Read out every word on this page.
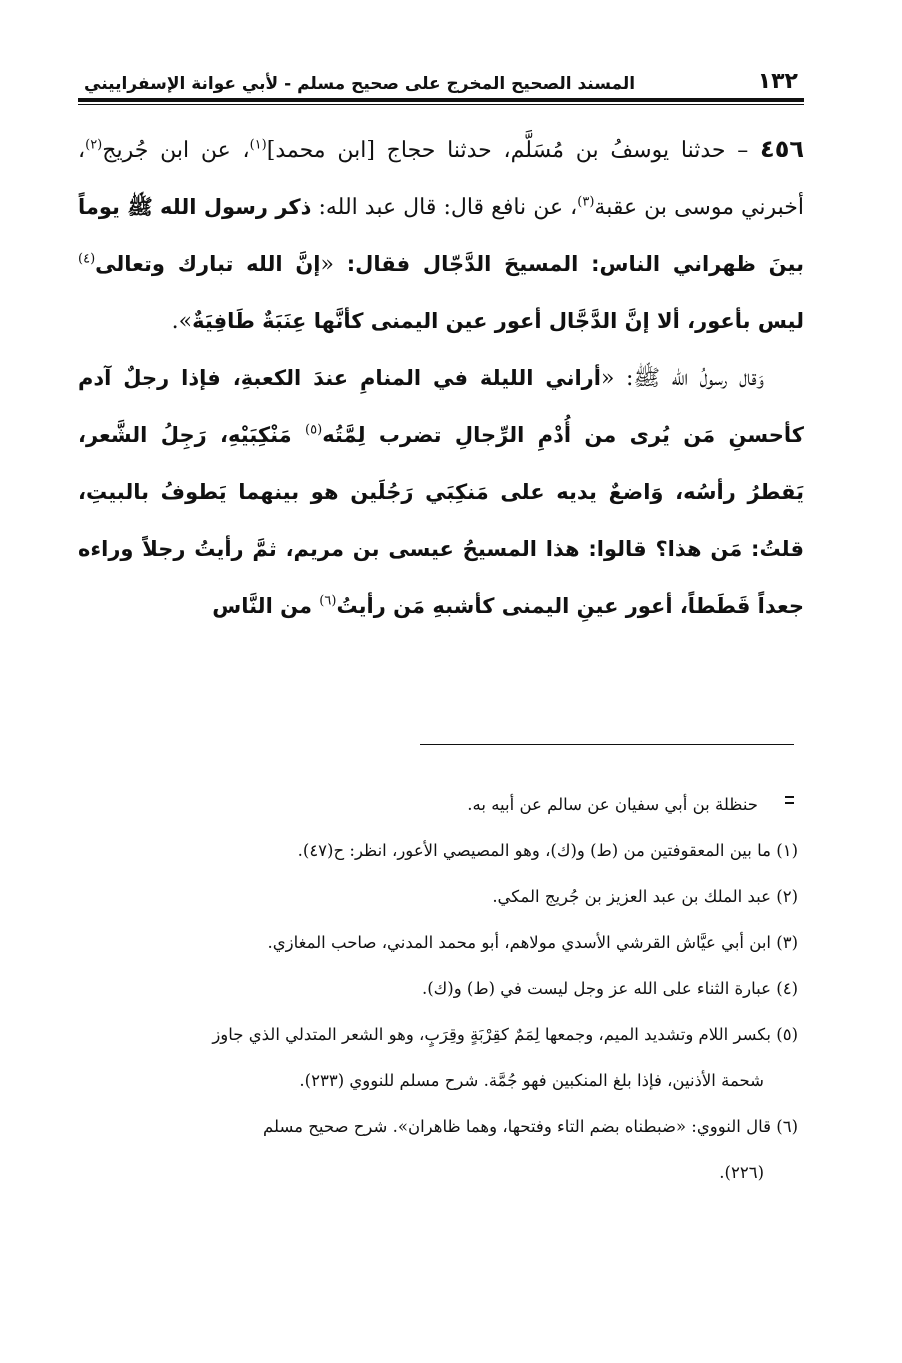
١٣٢
المسند الصحيح المخرج على صحيح مسلم - لأبي عوانة الإسفراييني

٤٥٦ – حدثنا يوسفُ بن مُسَلَّم، حدثنا حجاج [ابن محمد]$^{(١)}$، عن ابن جُريج$^{(٢)}$، أخبرني موسى بن عقبة$^{(٣)}$، عن نافع قال: قال عبد الله: ذكر رسول الله ﷺ يوماً بينَ ظهراني الناس: المسيحَ الدَّجّال فقال: «إنَّ الله تبارك وتعالى$^{(٤)}$ ليس بأعور، ألا إنَّ الدَّجَّال أعور عين اليمنى كأنَّها عِنَبَةٌ طَافِيَةٌ».

وَقال رسولُ الله ﷺ: «أراني الليلة في المنامِ عندَ الكعبةِ، فإذا رجلٌ آدم كأحسنِ مَن يُرى من أُدْمِ الرِّجالِ تضرب لِمَّتُه$^{(٥)}$ مَنْكِبَيْهِ، رَجِلُ الشَّعر، يَقطرُ رأسُه، وَاضعٌ يديه على مَنكِبَي رَجُلَين هو بينهما يَطوفُ بالبيتِ، قلتُ: مَن هذا؟ قالوا: هذا المسيحُ عيسى بن مريم، ثمَّ رأيتُ رجلاً وراءه جعداً قَطَطاً، أعور عينِ اليمنى كأشبهِ مَن رأيتُ$^{(٦)}$ من النَّاس

حنظلة بن أبي سفيان عن سالم عن أبيه به.

(١) ما بين المعقوفتين من (ط) و(ك)، وهو المصيصي الأعور، انظر: ح(٤٧).

(٢) عبد الملك بن عبد العزيز بن جُريج المكي.

(٣) ابن أبي عيَّاش القرشي الأسدي مولاهم، أبو محمد المدني، صاحب المغازي.

(٤) عبارة الثناء على الله عز وجل ليست في (ط) و(ك).

(٥) بكسر اللام وتشديد الميم، وجمعها لِمَمٌ كقِرْبَةٍ وقِرَبٍ، وهو الشعر المتدلي الذي جاوز

شحمة الأذنين، فإذا بلغ المنكبين فهو جُمَّة. شرح مسلم للنووي (٢٣٣).

(٦) قال النووي: «ضبطناه بضم التاء وفتحها، وهما ظاهران». شرح صحيح مسلم

(٢٢٦).
